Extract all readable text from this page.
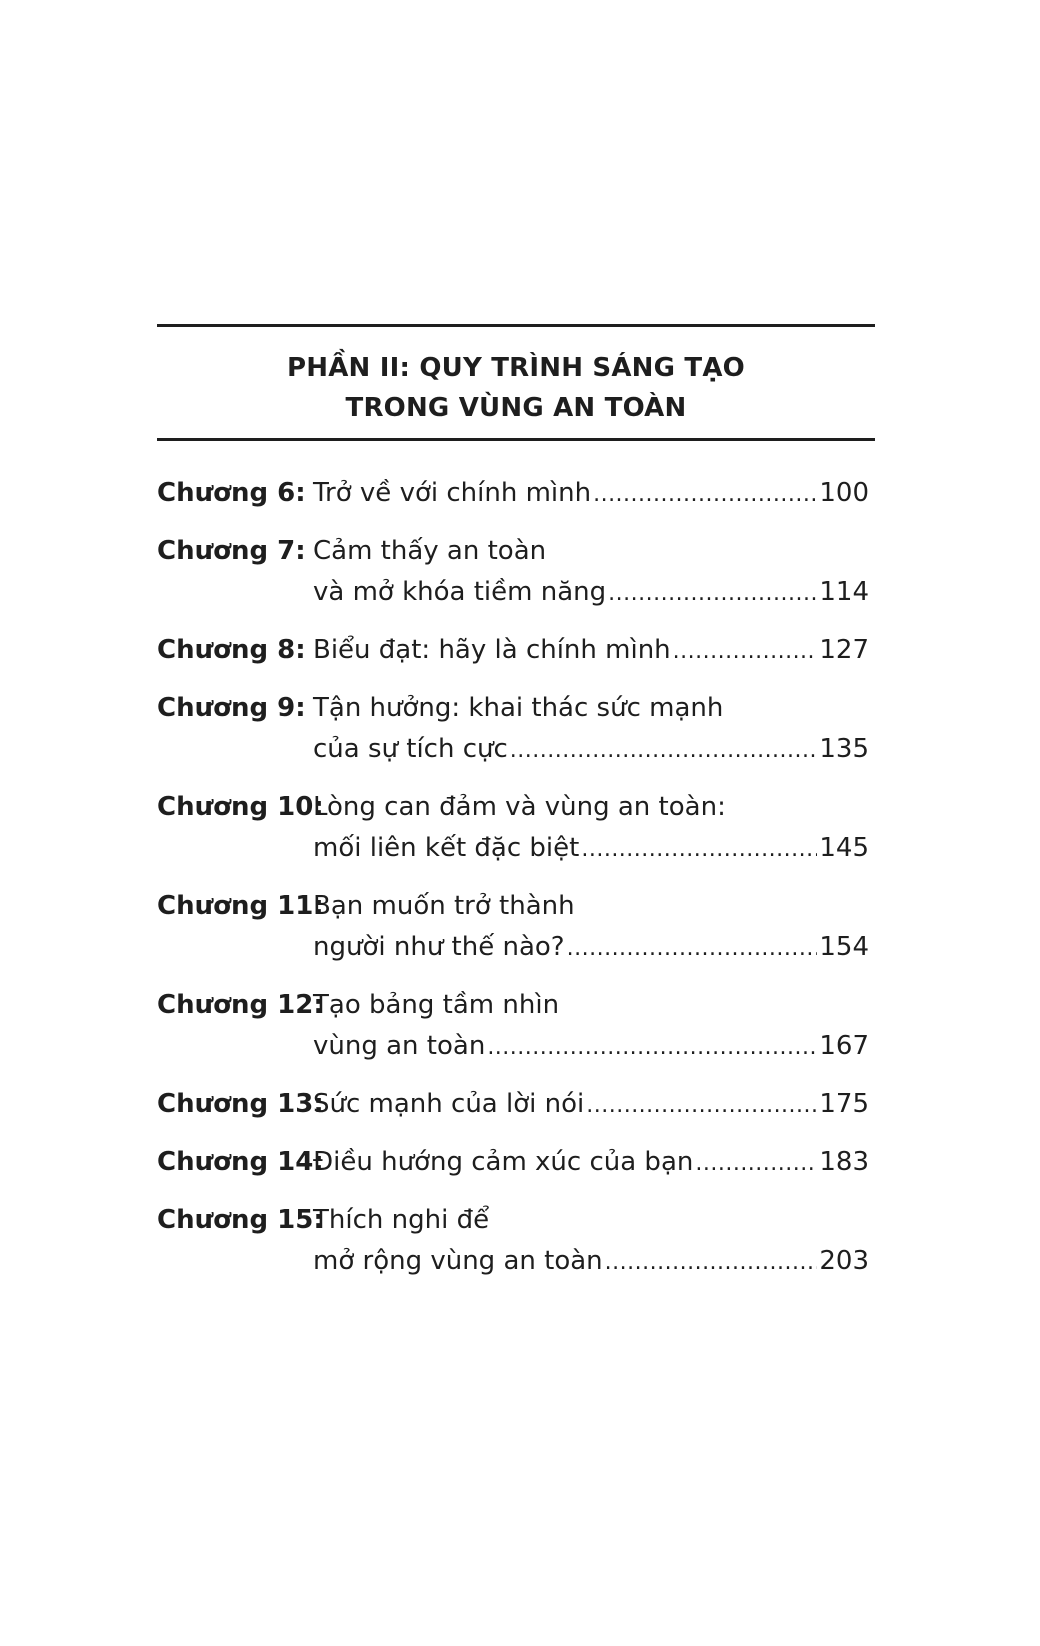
PHẦN II: QUY TRÌNH SÁNG TẠO
TRONG VÙNG AN TOÀN
Chương 6: Trở về với chính mình .....	100
Chương 7: Cảm thấy an toàn
và mở khóa tiềm năng .....	114
Chương 8: Biểu đạt: hãy là chính mình .....	127
Chương 9: Tận hưởng: khai thác sức mạnh
của sự tích cực .....	135
Chương 10:
Lòng can đảm và vùng an toàn:
mối liên kết đặc biệt .....	145
Chương 11:
Bạn muốn trở thành
người như thế nào? .....	154
Chương 12:
Tạo bảng tầm nhìn
vùng an toàn .....	167
Chương 13:
Sức mạnh của lời nói .....	175
Chương 14:
Điều hướng cảm xúc của bạn .....	183
Chương 15:
Thích nghi để
mở rộng vùng an toàn .....	203
